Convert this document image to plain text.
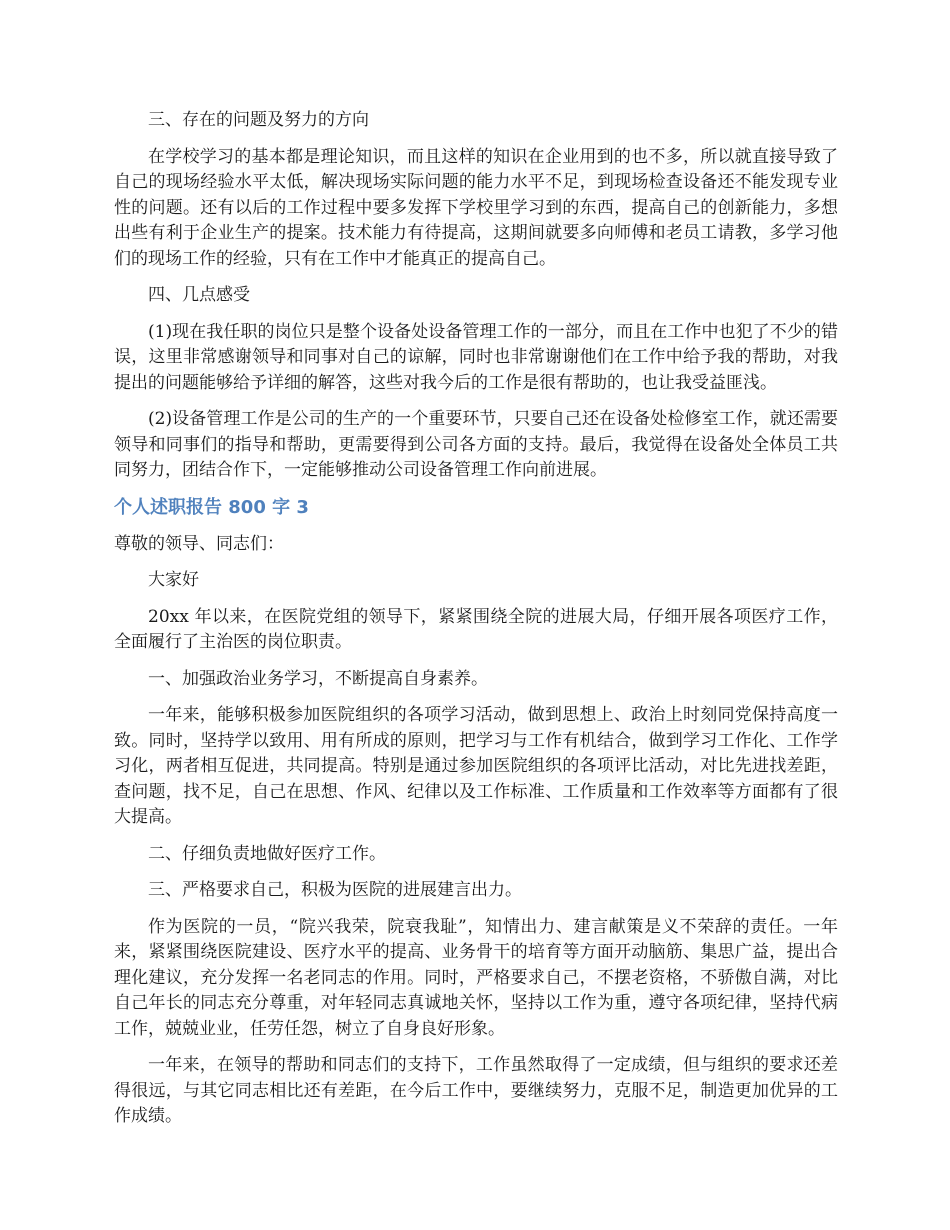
三、存在的问题及努力的方向

在学校学习的基本都是理论知识，而且这样的知识在企业用到的也不多，所以就直接导致了自己的现场经验水平太低，解决现场实际问题的能力水平不足，到现场检查设备还不能发现专业性的问题。还有以后的工作过程中要多发挥下学校里学习到的东西，提高自己的创新能力，多想出些有利于企业生产的提案。技术能力有待提高，这期间就要多向师傅和老员工请教，多学习他们的现场工作的经验，只有在工作中才能真正的提高自己。

四、几点感受

(1)现在我任职的岗位只是整个设备处设备管理工作的一部分，而且在工作中也犯了不少的错误，这里非常感谢领导和同事对自己的谅解，同时也非常谢谢他们在工作中给予我的帮助，对我提出的问题能够给予详细的解答，这些对我今后的工作是很有帮助的，也让我受益匪浅。

(2)设备管理工作是公司的生产的一个重要环节，只要自己还在设备处检修室工作，就还需要领导和同事们的指导和帮助，更需要得到公司各方面的支持。最后，我觉得在设备处全体员工共同努力，团结合作下，一定能够推动公司设备管理工作向前进展。

个人述职报告 800 字 3

尊敬的领导、同志们：

大家好

20xx 年以来，在医院党组的领导下，紧紧围绕全院的进展大局，仔细开展各项医疗工作，全面履行了主治医的岗位职责。

一、加强政治业务学习，不断提高自身素养。

一年来，能够积极参加医院组织的各项学习活动，做到思想上、政治上时刻同党保持高度一致。同时，坚持学以致用、用有所成的原则，把学习与工作有机结合，做到学习工作化、工作学习化，两者相互促进，共同提高。特别是通过参加医院组织的各项评比活动，对比先进找差距，查问题，找不足，自己在思想、作风、纪律以及工作标准、工作质量和工作效率等方面都有了很大提高。

二、仔细负责地做好医疗工作。

三、严格要求自己，积极为医院的进展建言出力。

作为医院的一员，“院兴我荣，院衰我耻”，知情出力、建言献策是义不荣辞的责任。一年来，紧紧围绕医院建设、医疗水平的提高、业务骨干的培育等方面开动脑筋、集思广益，提出合理化建议，充分发挥一名老同志的作用。同时，严格要求自己，不摆老资格，不骄傲自满，对比自己年长的同志充分尊重，对年轻同志真诚地关怀，坚持以工作为重，遵守各项纪律，坚持代病工作，兢兢业业，任劳任怨，树立了自身良好形象。

一年来，在领导的帮助和同志们的支持下，工作虽然取得了一定成绩，但与组织的要求还差得很远，与其它同志相比还有差距，在今后工作中，要继续努力，克服不足，制造更加优异的工作成绩。
